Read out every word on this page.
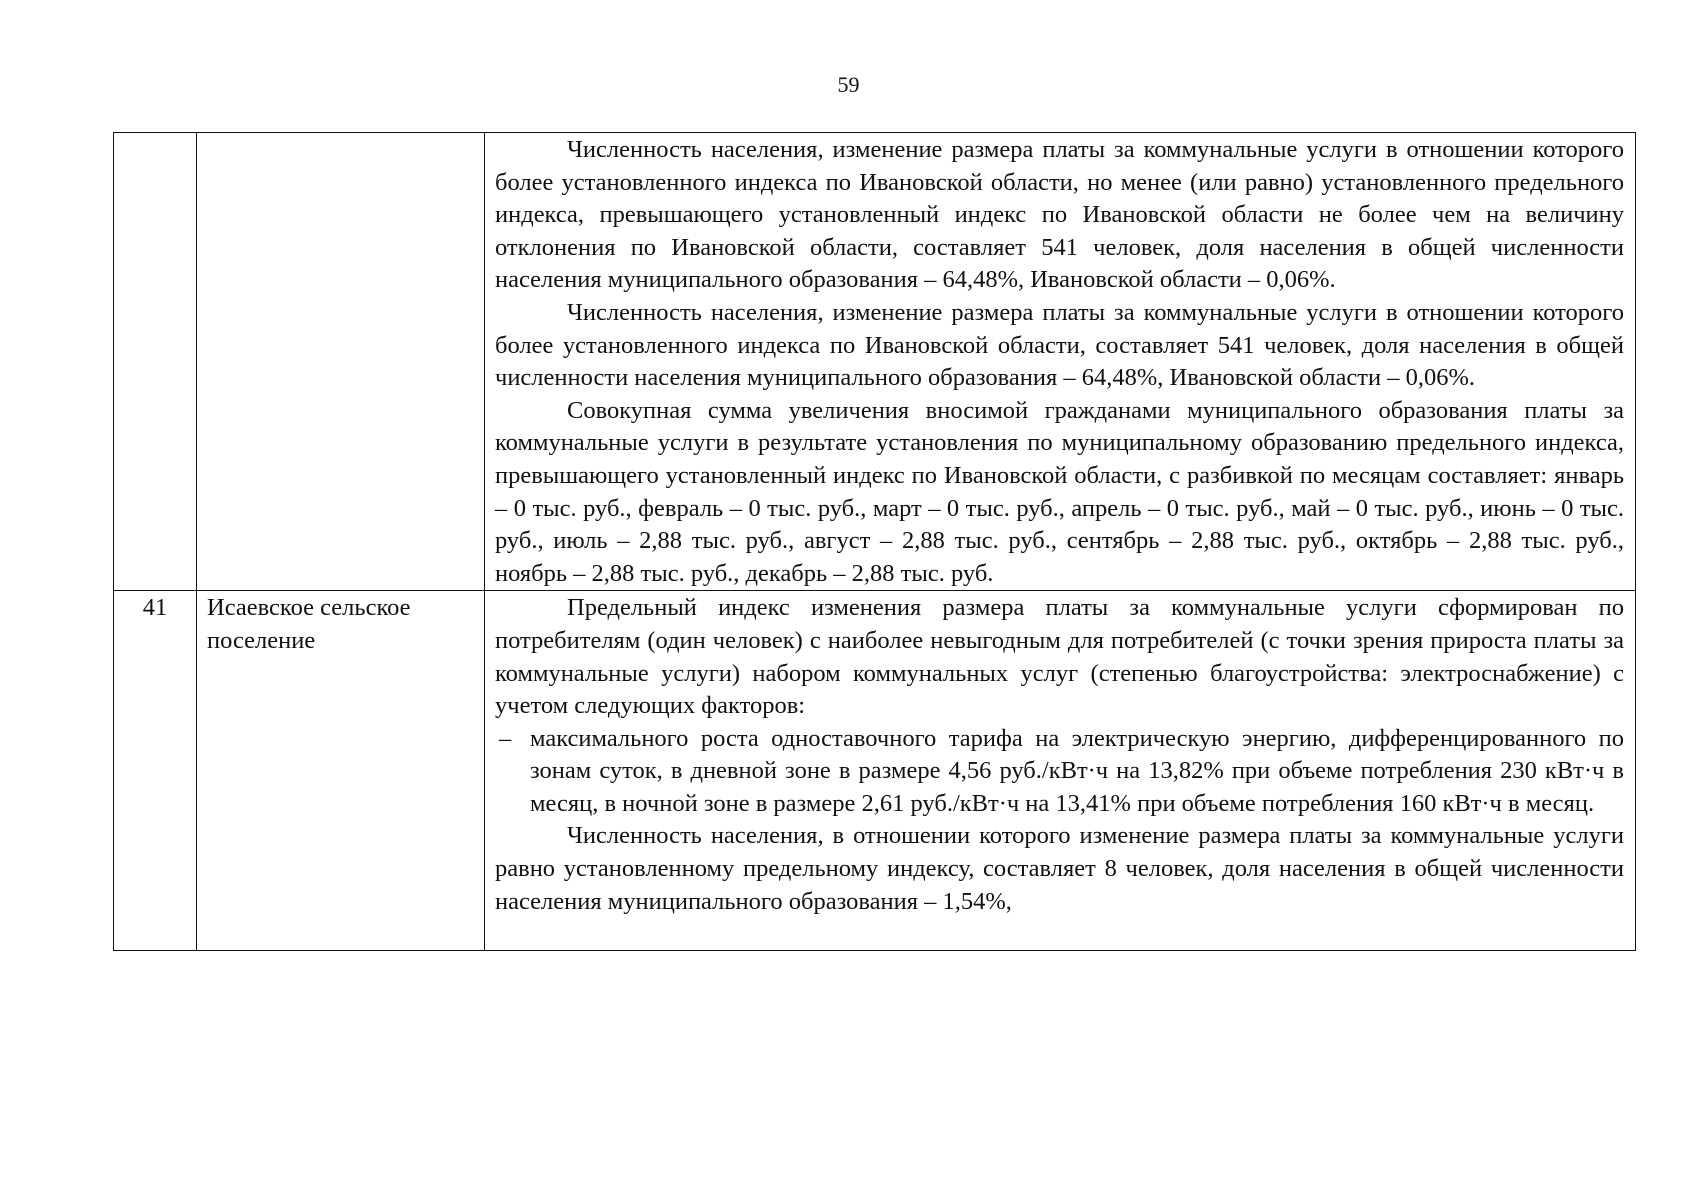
59

		Численность населения, изменение размера платы за коммунальные услуги в отношении которого более установленного индекса по Ивановской области, но менее (или равно) установленного предельного индекса, превышающего установленный индекс по Ивановской области не более чем на величину отклонения по Ивановской области, составляет 541 человек, доля населения в общей численности населения муниципального образования – 64,48%, Ивановской области – 0,06%.

Численность населения, изменение размера платы за коммунальные услуги в отношении которого более установленного индекса по Ивановской области, составляет 541 человек, доля населения в общей численности населения муниципального образования – 64,48%, Ивановской области – 0,06%.

Совокупная сумма увеличения вносимой гражданами муниципального образования платы за коммунальные услуги в результате установления по муниципальному образованию предельного индекса, превышающего установленный индекс по Ивановской области, с разбивкой по месяцам составляет: январь – 0 тыс. руб., февраль – 0 тыс. руб., март – 0 тыс. руб., апрель – 0 тыс. руб., май – 0 тыс. руб., июнь – 0 тыс. руб., июль – 2,88 тыс. руб., август – 2,88 тыс. руб., сентябрь – 2,88 тыс. руб., октябрь – 2,88 тыс. руб., ноябрь – 2,88 тыс. руб., декабрь – 2,88 тыс. руб.

41	Исаевское сельское поселение	Предельный индекс изменения размера платы за коммунальные услуги сформирован по потребителям (один человек) с наиболее невыгодным для потребителей (с точки зрения прироста платы за коммунальные услуги) набором коммунальных услуг (степенью благоустройства: электроснабжение) с учетом следующих факторов:

– максимального роста одноставочного тарифа на электрическую энергию, дифференцированного по зонам суток, в дневной зоне в размере 4,56 руб./кВт·ч на 13,82% при объеме потребления 230 кВт·ч в месяц, в ночной зоне в размере 2,61 руб./кВт·ч на 13,41% при объеме потребления 160 кВт·ч в месяц.

Численность населения, в отношении которого изменение размера платы за коммунальные услуги равно установленному предельному индексу, составляет 8 человек, доля населения в общей численности населения муниципального образования – 1,54%,
